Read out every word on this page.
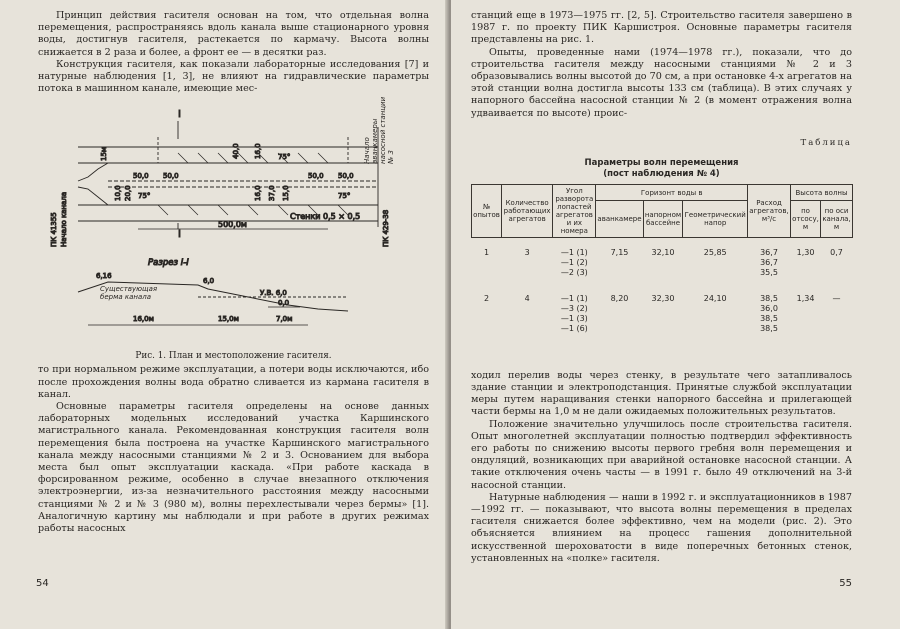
Принцип действия гасителя основан на том, что отдельная волна перемещения, распространяясь вдоль канала выше стационарного уровня воды, достигнув гасителя, растекается по кармачу. Высота волны снижается в 2 раза и более, а фронт ее — в десятки раз.

Конструкция гасителя, как показали лабораторные исследования [7] и натурные наблюдения [1, 3], не влияют на гидравлические параметры потока в машинном канале, имеющие мес-

I
I
50,0 50,0	50,0 50,0
75°
75°	75°
40,0 16,0
16,0 37,0 15,0
20,0
10,0
15м
500,0м
Стенки 0,5 × 0,5
ПК 41355 Начало канала	ПК 429-38
Начало аванкамеры насосной станции № 3
Разрез I-I
6,16
6,0
У.В. 6,0
0,0
Существующая берма канала
16,0м	15,0м	7,0м
Рис. 1. План и местоположение гасителя.

то при нормальном режиме эксплуатации, а потери воды исключаются, ибо после прохождения волны вода обратно сливается из кармана гасителя в канал.

Основные параметры гасителя определены на основе данных лабораторных модельных исследований участка Каршинского магистрального канала. Рекомендованная конструкция гасителя волн перемещения была построена на участке Каршинского магистрального канала между насосными станциями № 2 и 3. Основанием для выбора места был опыт эксплуатации каскада. «При работе каскада в форсированном режиме, особенно в случае внезапного отключения электроэнергии, из-за незначительного расстояния между насосными станциями № 2 и № 3 (980 м), волны перехлестывали через бермы» [1]. Аналогичную картину мы наблюдали и при работе в других режимах работы насосных

54

станций еще в 1973—1975 гг. [2, 5]. Строительство гасителя завершено в 1987 г. по проекту ПИК Каршистроя. Основные параметры гасителя представлены на рис. 1.

Опыты, проведенные нами (1974—1978 гг.), показали, что до строительства гасителя между насосными станциями № 2 и 3 образовывались волны высотой до 70 см, а при остановке 4-х агрегатов на этой станции волна достигла высоты 133 см (таблица). В этих случаях у напорного бассейна насосной станции № 2 (в момент отражения волна удваивается по высоте) проис-

Таблица
Параметры волн перемещения
(пост наблюдения № 4)
№ опытов	Количество работающих агрегатов	Угол разворота лопастей агрегатов и их номера	Горизонт воды в			Расход агрегатов, м³/с	Высота волны	
			аванкамере	напорном бассейне	Геометрический напор		по отсосу, м	по оси канала, м
1	3	—1 (1)
—1 (2)
—2 (3)	7,15	32,10	25,85	36,7
36,7
35,5	1,30	0,7
2	4	—1 (1)
—3 (2)
—1 (3)
—1 (6)	8,20	32,30	24,10	38,5
36,0
38,5
38,5	1,34	—

ходил перелив воды через стенку, в результате чего затапливалось здание станции и электроподстанция. Принятые службой эксплуатации меры путем наращивания стенки напорного бассейна и прилегающей части бермы на 1,0 м не дали ожидаемых положительных результатов.

Положение значительно улучшилось после строительства гасителя. Опыт многолетней эксплуатации полностью подтвердил эффективность его работы по снижению высоты первого гребня волн перемещения и ондуляций, возникающих при аварийной остановке насосной станции. А такие отключения очень часты — в 1991 г. было 49 отключений на 3-й насосной станции.

Натурные наблюдения — наши в 1992 г. и эксплуатационников в 1987—1992 гг. — показывают, что высота волны перемещения в пределах гасителя снижается более эффективно, чем на модели (рис. 2). Это объясняется влиянием на процесс гашения дополнительной искусственной шероховатости в виде поперечных бетонных стенок, установленных на «полке» гасителя.

55
